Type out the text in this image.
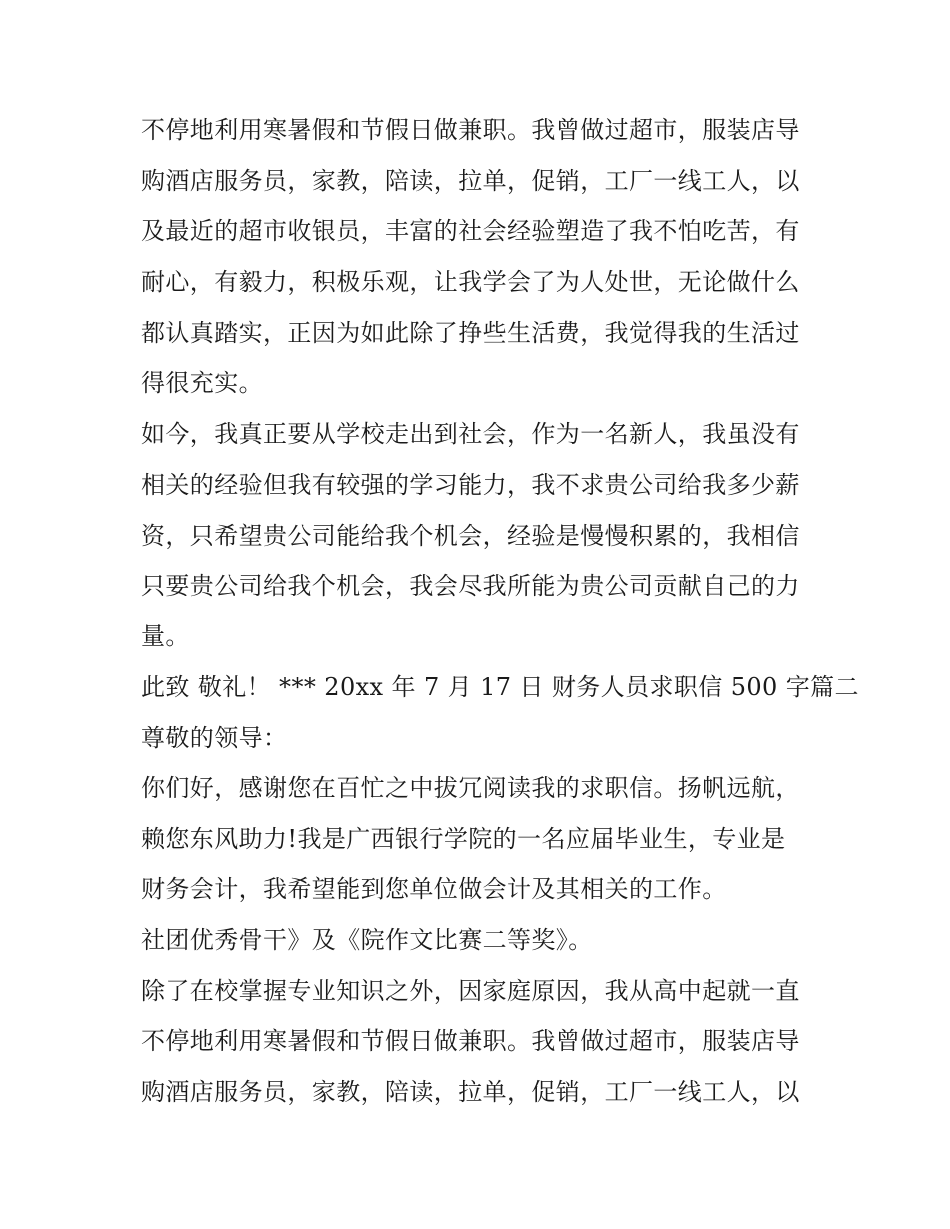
不停地利用寒暑假和节假日做兼职。我曾做过超市，服装店导
购酒店服务员，家教，陪读，拉单，促销，工厂一线工人，以
及最近的超市收银员，丰富的社会经验塑造了我不怕吃苦，有
耐心，有毅力，积极乐观，让我学会了为人处世，无论做什么
都认真踏实，正因为如此除了挣些生活费，我觉得我的生活过
得很充实。
如今，我真正要从学校走出到社会，作为一名新人，我虽没有
相关的经验但我有较强的学习能力，我不求贵公司给我多少薪
资，只希望贵公司能给我个机会，经验是慢慢积累的，我相信
只要贵公司给我个机会，我会尽我所能为贵公司贡献自己的力
量。
此致 敬礼！ *** 20xx 年 7 月 17 日 财务人员求职信 500 字篇二
尊敬的领导：
你们好，感谢您在百忙之中拔冗阅读我的求职信。扬帆远航，
赖您东风助力!我是广西银行学院的一名应届毕业生，专业是
财务会计，我希望能到您单位做会计及其相关的工作。
社团优秀骨干》及《院作文比赛二等奖》。
除了在校掌握专业知识之外，因家庭原因，我从高中起就一直
不停地利用寒暑假和节假日做兼职。我曾做过超市，服装店导
购酒店服务员，家教，陪读，拉单，促销，工厂一线工人，以
